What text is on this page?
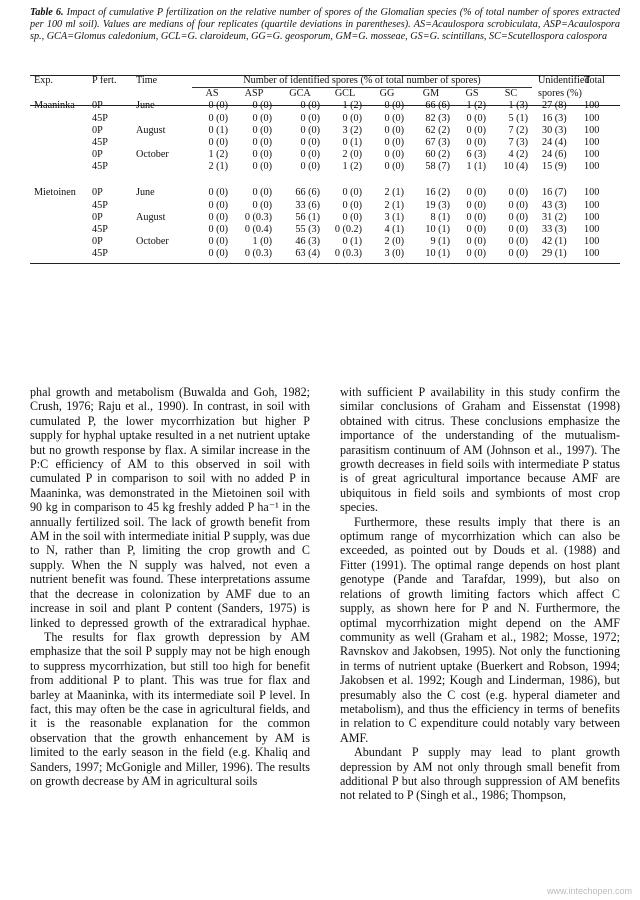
Table 6. Impact of cumulative P fertilization on the relative number of spores of the Glomalian species (% of total number of spores extracted per 100 ml soil). Values are medians of four replicates (quartile deviations in parentheses). AS=Acaulospora scrobiculata, ASP=Acaulospora sp., GCA=Glomus caledonium, GCL=G. claroideum, GG=G. geosporum, GM=G. mosseae, GS=G. scintillans, SC=Scutellospora calospora
Exp.	P fert.	Time	Number of identified spores (% of total number of spores)								Unidentified	Total
			AS	ASP	GCA	GCL	GG	GM	GS	SC	spores (%)	
Maaninka	0P	June	0 (0)	0 (0)	0 (0)	1 (2)	0 (0)	66 (6)	1 (2)	1 (3)	27 (8)	100
	45P		0 (0)	0 (0)	0 (0)	0 (0)	0 (0)	82 (3)	0 (0)	5 (1)	16 (3)	100
	0P	August	0 (1)	0 (0)	0 (0)	3 (2)	0 (0)	62 (2)	0 (0)	7 (2)	30 (3)	100
	45P		0 (0)	0 (0)	0 (0)	0 (1)	0 (0)	67 (3)	0 (0)	7 (3)	24 (4)	100
	0P	October	1 (2)	0 (0)	0 (0)	2 (0)	0 (0)	60 (2)	6 (3)	4 (2)	24 (6)	100
	45P		2 (1)	0 (0)	0 (0)	1 (2)	0 (0)	58 (7)	1 (1)	10 (4)	15 (9)	100
Mietoinen	0P	June	0 (0)	0 (0)	66 (6)	0 (0)	2 (1)	16 (2)	0 (0)	0 (0)	16 (7)	100
	45P		0 (0)	0 (0)	33 (6)	0 (0)	2 (1)	19 (3)	0 (0)	0 (0)	43 (3)	100
	0P	August	0 (0)	0 (0.3)	56 (1)	0 (0)	3 (1)	8 (1)	0 (0)	0 (0)	31 (2)	100
	45P		0 (0)	0 (0.4)	55 (3)	0 (0.2)	4 (1)	10 (1)	0 (0)	0 (0)	33 (3)	100
	0P	October	0 (0)	1 (0)	46 (3)	0 (1)	2 (0)	9 (1)	0 (0)	0 (0)	42 (1)	100
	45P		0 (0)	0 (0.3)	63 (4)	0 (0.3)	3 (0)	10 (1)	0 (0)	0 (0)	29 (1)	100

phal growth and metabolism (Buwalda and Goh, 1982; Crush, 1976; Raju et al., 1990). In contrast, in soil with cumulated P, the lower mycorrhization but higher P supply for hyphal uptake resulted in a net nutrient uptake but no growth response by flax. A similar increase in the P:C efficiency of AM to this observed in soil with cumulated P in comparison to soil with no added P in Maaninka, was demonstrated in the Mietoinen soil with 90 kg in comparison to 45 kg freshly added P ha⁻¹ in the annually fertilized soil. The lack of growth benefit from AM in the soil with intermediate initial P supply, was due to N, rather than P, limiting the crop growth and C supply. When the N supply was halved, not even a nutrient benefit was found. These interpretations assume that the decrease in colonization by AMF due to an increase in soil and plant P content (Sanders, 1975) is linked to depressed growth of the extraradical hyphae.

The results for flax growth depression by AM emphasize that the soil P supply may not be high enough to suppress mycorrhization, but still too high for benefit from additional P to plant. This was true for flax and barley at Maaninka, with its intermediate soil P level. In fact, this may often be the case in agricultural fields, and it is the reasonable explanation for the common observation that the growth enhancement by AM is limited to the early season in the field (e.g. Khaliq and Sanders, 1997; McGonigle and Miller, 1996). The results on growth decrease by AM in agricultural soils

with sufficient P availability in this study confirm the similar conclusions of Graham and Eissenstat (1998) obtained with citrus. These conclusions emphasize the importance of the understanding of the mutualism-parasitism continuum of AM (Johnson et al., 1997). The growth decreases in field soils with intermediate P status is of great agricultural importance because AMF are ubiquitous in field soils and symbionts of most crop species.

Furthermore, these results imply that there is an optimum range of mycorrhization which can also be exceeded, as pointed out by Douds et al. (1988) and Fitter (1991). The optimal range depends on host plant genotype (Pande and Tarafdar, 1999), but also on relations of growth limiting factors which affect C supply, as shown here for P and N. Furthermore, the optimal mycorrhization might depend on the AMF community as well (Graham et al., 1982; Mosse, 1972; Ravnskov and Jakobsen, 1995). Not only the functioning in terms of nutrient uptake (Buerkert and Robson, 1994; Jakobsen et al. 1992; Kough and Linderman, 1986), but presumably also the C cost (e.g. hyperal diameter and metabolism), and thus the efficiency in terms of benefits in relation to C expenditure could notably vary between AMF.

Abundant P supply may lead to plant growth depression by AM not only through small benefit from additional P but also through suppression of AM benefits not related to P (Singh et al., 1986; Thompson,

www.intechopen.com
